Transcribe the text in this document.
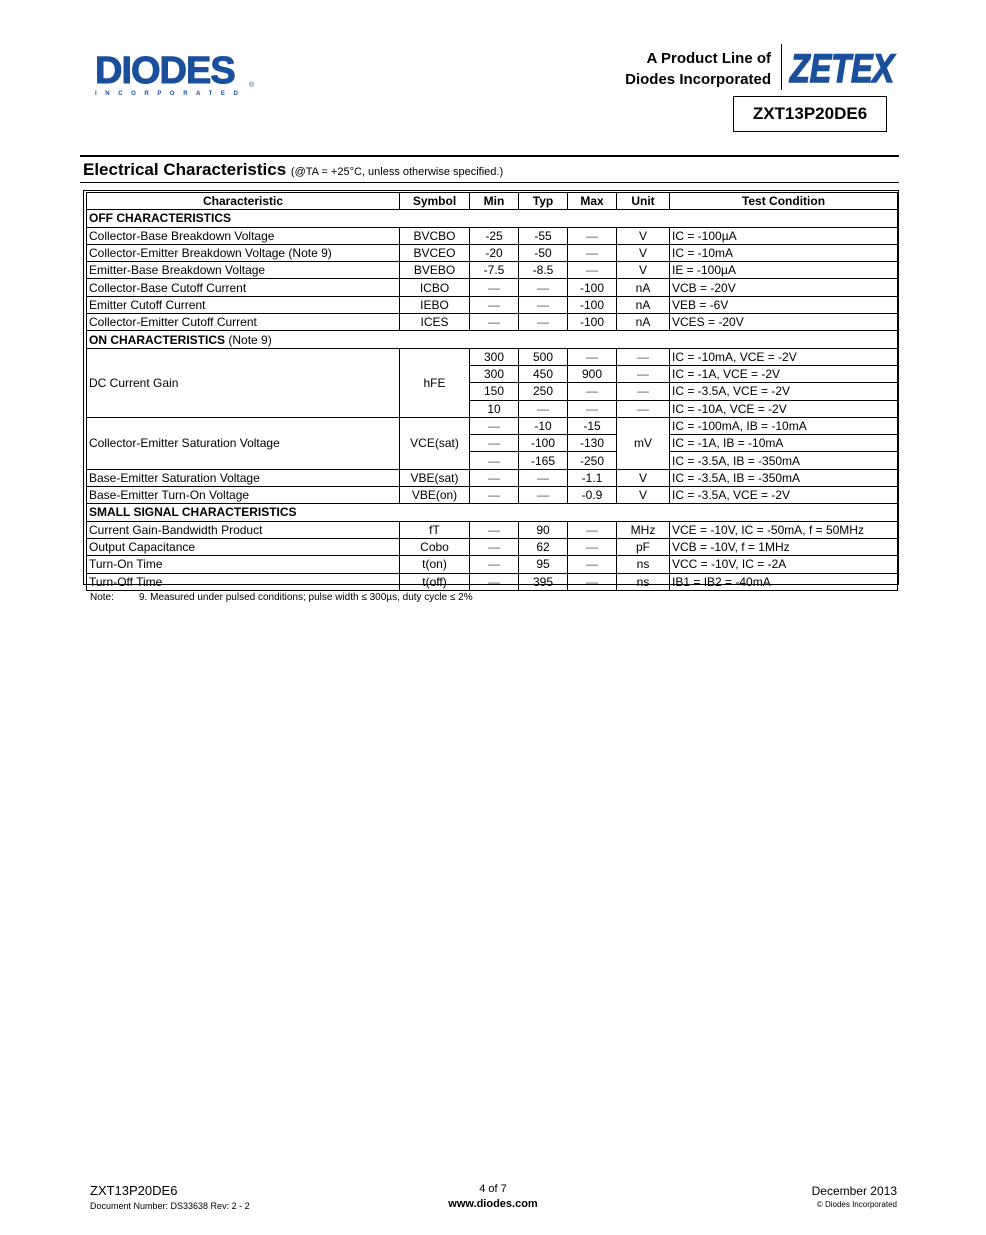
DIODES
INCORPORATED
®
A Product Line of
Diodes Incorporated ZETEX
ZXT13P20DE6
Electrical Characteristics (@TA = +25°C, unless otherwise specified.)
Characteristic	Symbol	Min	Typ	Max	Unit	Test Condition
OFF CHARACTERISTICS						
Collector-Base Breakdown Voltage	BVCBO	-25	-55	—	V	IC = -100µA
Collector-Emitter Breakdown Voltage (Note 9)	BVCEO	-20	-50	—	V	IC = -10mA
Emitter-Base Breakdown Voltage	BVEBO	-7.5	-8.5	—	V	IE = -100µA
Collector-Base Cutoff Current	ICBO	—	—	-100	nA	VCB = -20V
Emitter Cutoff Current	IEBO	—	—	-100	nA	VEB = -6V
Collector-Emitter Cutoff Current	ICES	—	—	-100	nA	VCES = -20V
ON CHARACTERISTICS (Note 9)						
DC Current Gain	hFE	300	500	—	—	IC = -10mA, VCE = -2V
		300	450	900	—	IC = -1A, VCE = -2V
		150	250	—	—	IC = -3.5A, VCE = -2V
		10	—	—	—	IC = -10A, VCE = -2V
Collector-Emitter Saturation Voltage	VCE(sat)	—	-10	-15	mV	IC = -100mA, IB = -10mA
		—	-100	-130		IC = -1A, IB = -10mA
		—	-165	-250		IC = -3.5A, IB = -350mA
Base-Emitter Saturation Voltage	VBE(sat)	—	—	-1.1	V	IC = -3.5A, IB = -350mA
Base-Emitter Turn-On Voltage	VBE(on)	—	—	-0.9	V	IC = -3.5A, VCE = -2V
SMALL SIGNAL CHARACTERISTICS						
Current Gain-Bandwidth Product	fT	—	90	—	MHz	VCE = -10V, IC = -50mA, f = 50MHz
Output Capacitance	Cobo	—	62	—	pF	VCB = -10V, f = 1MHz
Turn-On Time	t(on)	—	95	—	ns	VCC = -10V, IC = -2A
Turn-Off Time	t(off)	—	395	—	ns	IB1 = IB2 = -40mA
Note:	9. Measured under pulsed conditions; pulse width ≤ 300µs, duty cycle ≤ 2%
ZXT13P20DE6
Document Number: DS33638 Rev: 2 - 2
4 of 7
www.diodes.com
December 2013
© Diodes Incorporated
